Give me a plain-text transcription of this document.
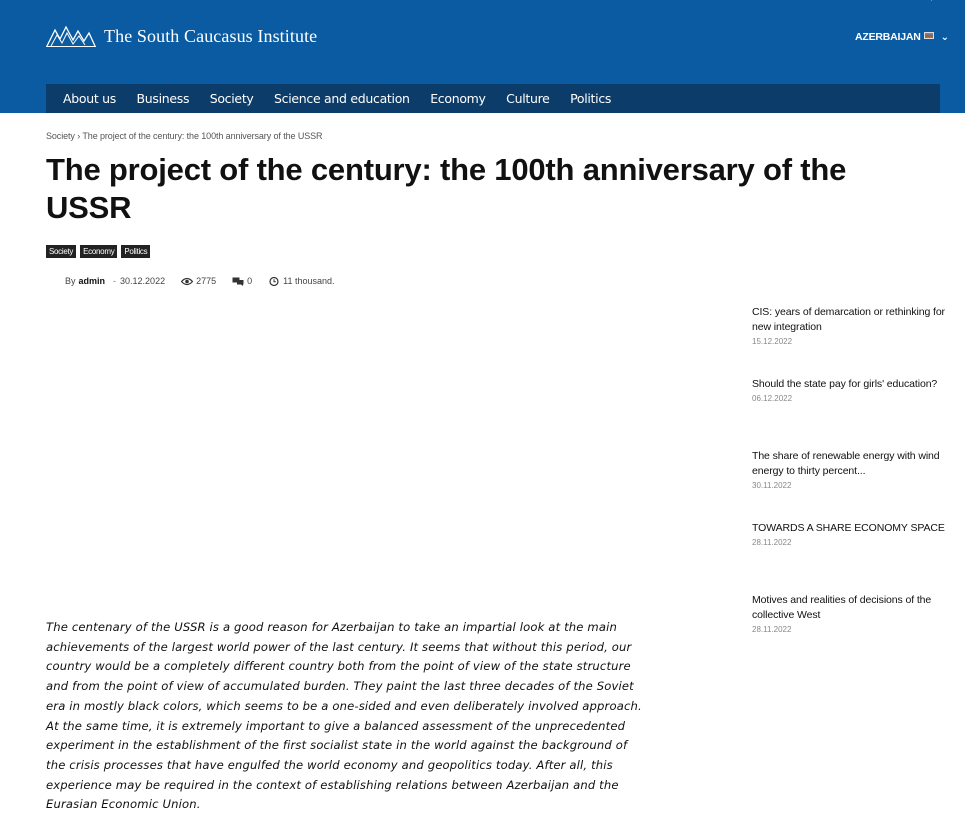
The South Caucasus Institute	AZERBAIJAN ⌄
About us Business Society Science and education Economy Culture Politics
Society › The project of the century: the 100th anniversary of the USSR
The project of the century: the 100th anniversary of the USSR
Society	Economy	Politics
By admin - 30.12.2022	2775	0	11 thousand.

The centenary of the USSR is a good reason for Azerbaijan to take an impartial look at the main achievements of the largest world power of the last century. It seems that without this period, our country would be a completely different country both from the point of view of the state structure and from the point of view of accumulated burden. They paint the last three decades of the Soviet era in mostly black colors, which seems to be a one-sided and even deliberately involved approach. At the same time, it is extremely important to give a balanced assessment of the unprecedented experiment in the establishment of the first socialist state in the world against the background of the crisis processes that have engulfed the world economy and geopolitics today. After all, this experience may be required in the context of establishing relations between Azerbaijan and the Eurasian Economic Union.

CIS: years of demarcation or rethinking for new integration
15.12.2022
Should the state pay for girls' education?
06.12.2022
The share of renewable energy with wind energy to thirty percent...
30.11.2022
TOWARDS A SHARE ECONOMY SPACE
28.11.2022
Motives and realities of decisions of the collective West
28.11.2022
